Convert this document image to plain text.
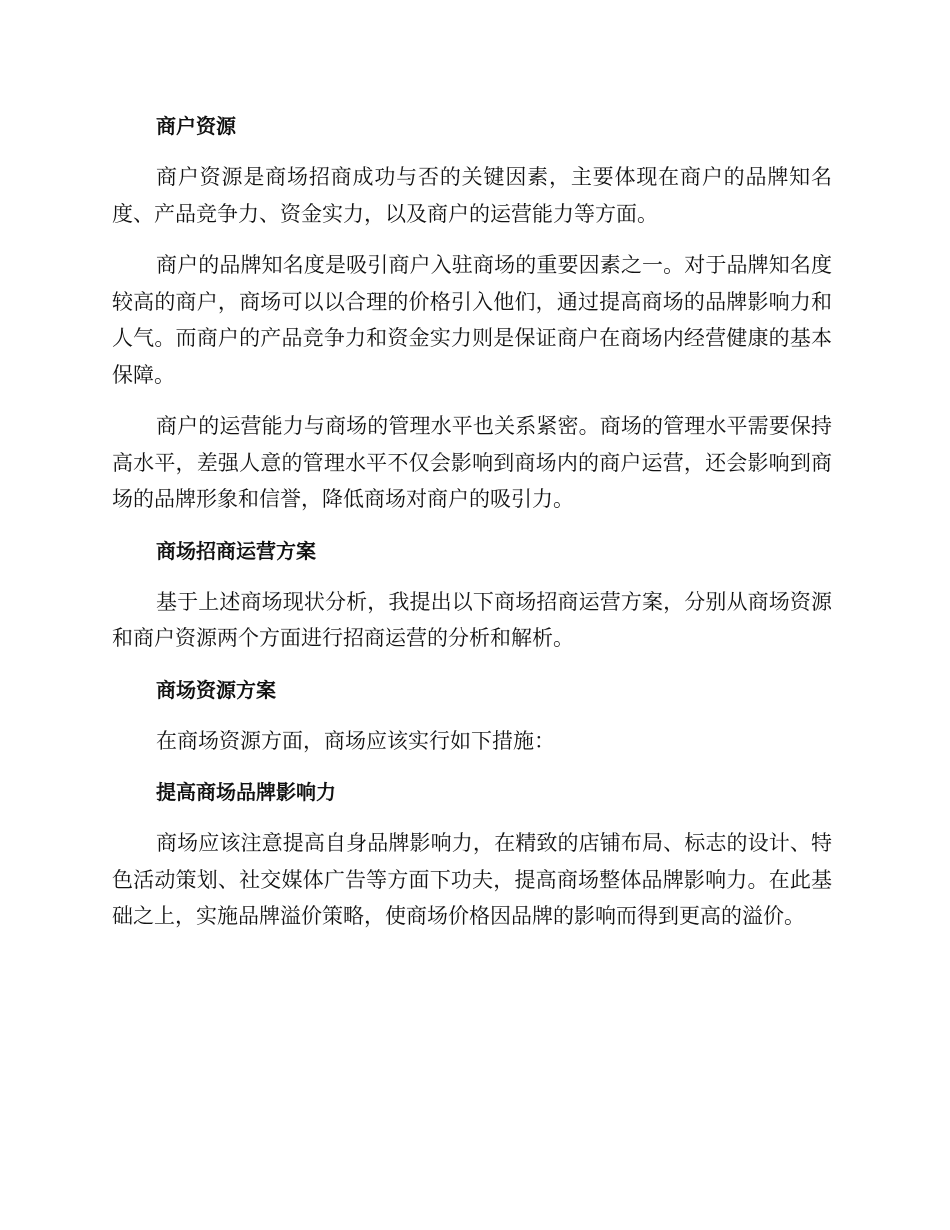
商户资源

商户资源是商场招商成功与否的关键因素，主要体现在商户的品牌知名度、产品竞争力、资金实力，以及商户的运营能力等方面。

商户的品牌知名度是吸引商户入驻商场的重要因素之一。对于品牌知名度较高的商户，商场可以以合理的价格引入他们，通过提高商场的品牌影响力和人气。而商户的产品竞争力和资金实力则是保证商户在商场内经营健康的基本保障。

商户的运营能力与商场的管理水平也关系紧密。商场的管理水平需要保持高水平，差强人意的管理水平不仅会影响到商场内的商户运营，还会影响到商场的品牌形象和信誉，降低商场对商户的吸引力。

商场招商运营方案

基于上述商场现状分析，我提出以下商场招商运营方案，分别从商场资源和商户资源两个方面进行招商运营的分析和解析。

商场资源方案

在商场资源方面，商场应该实行如下措施：

提高商场品牌影响力

商场应该注意提高自身品牌影响力，在精致的店铺布局、标志的设计、特色活动策划、社交媒体广告等方面下功夫，提高商场整体品牌影响力。在此基础之上，实施品牌溢价策略，使商场价格因品牌的影响而得到更高的溢价。
